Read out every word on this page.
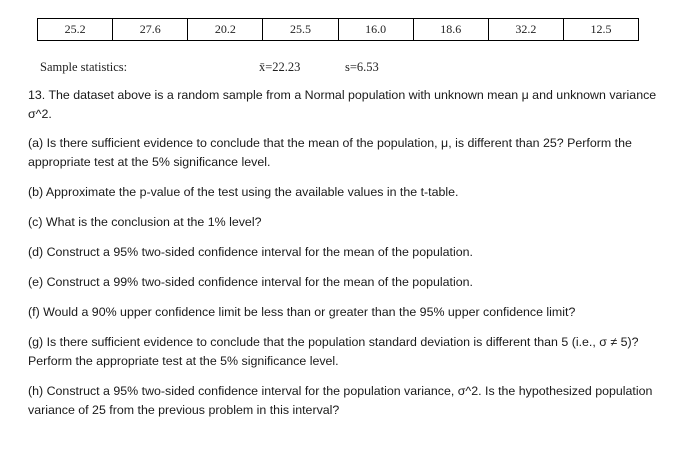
25.2	27.6	20.2	25.5	16.0	18.6	32.2	12.5
Sample statistics:	x̄=22.23	s=6.53

13. The dataset above is a random sample from a Normal population with unknown mean μ and unknown variance σ^2.

(a) Is there sufficient evidence to conclude that the mean of the population, μ, is different than 25? Perform the appropriate test at the 5% significance level.

(b) Approximate the p-value of the test using the available values in the t-table.

(c) What is the conclusion at the 1% level?

(d) Construct a 95% two-sided confidence interval for the mean of the population.

(e) Construct a 99% two-sided confidence interval for the mean of the population.

(f) Would a 90% upper confidence limit be less than or greater than the 95% upper confidence limit?

(g) Is there sufficient evidence to conclude that the population standard deviation is different than 5 (i.e., σ ≠ 5)? Perform the appropriate test at the 5% significance level.

(h) Construct a 95% two-sided confidence interval for the population variance, σ^2. Is the hypothesized population variance of 25 from the previous problem in this interval?
